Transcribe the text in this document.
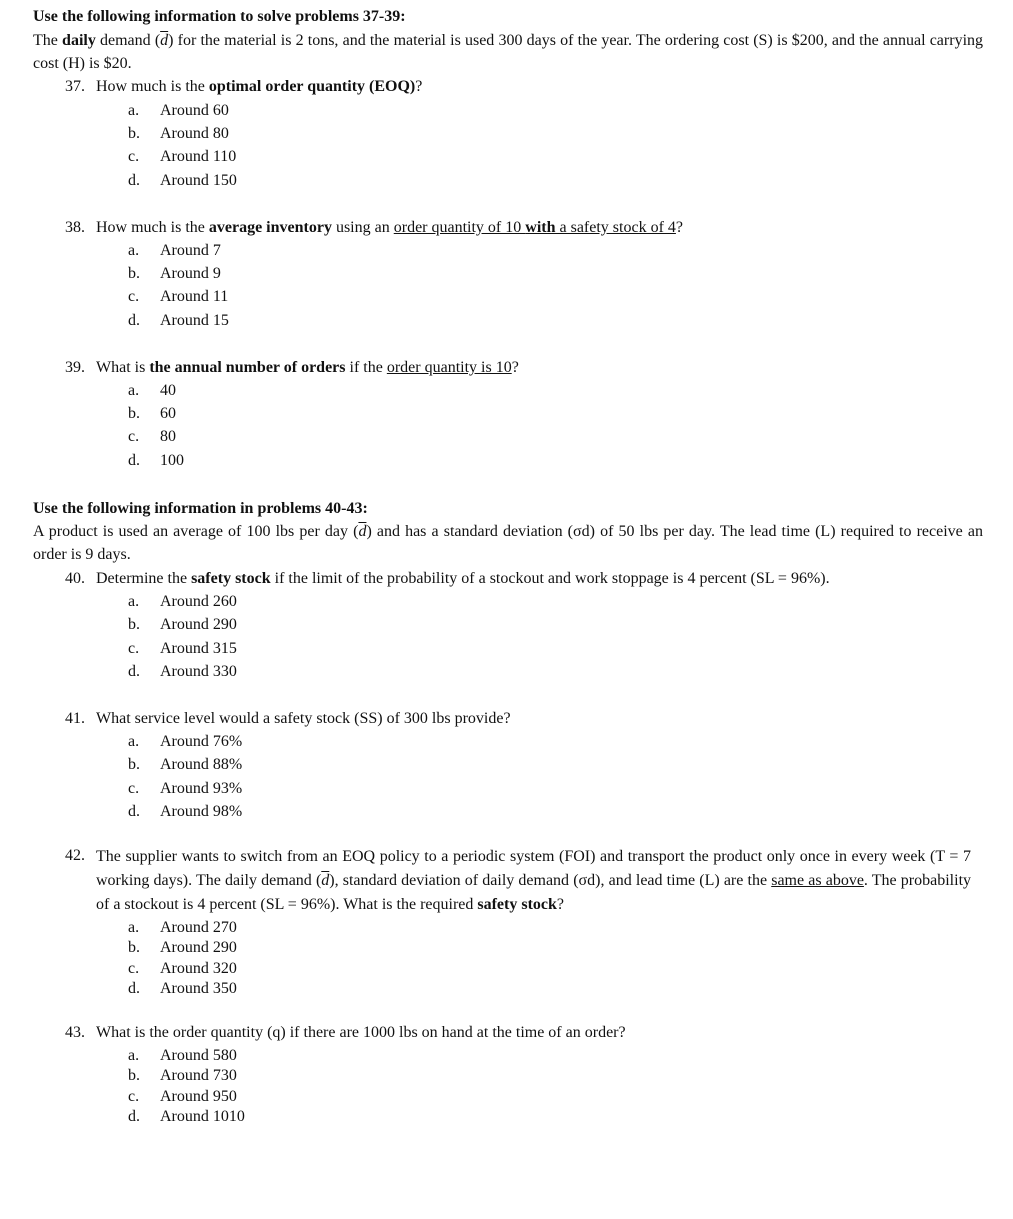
Use the following information to solve problems 37-39:
The daily demand $(\overline{d})$ for the material is 2 tons, and the material is used 300 days of the year. The ordering cost (S) is $200, and the annual carrying cost (H) is $20.
37. How much is the optimal order quantity (EOQ)?
a. Around 60
b. Around 80
c. Around 110
d. Around 150
38. How much is the average inventory using an order quantity of 10 with a safety stock of 4?
a. Around 7
b. Around 9
c. Around 11
d. Around 15
39. What is the annual number of orders if the order quantity is 10?
a. 40
b. 60
c. 80
d. 100
Use the following information in problems 40-43:
A product is used an average of 100 lbs per day $(\overline{d})$ and has a standard deviation (σd) of 50 lbs per day. The lead time (L) required to receive an order is 9 days.
40. Determine the safety stock if the limit of the probability of a stockout and work stoppage is 4 percent (SL = 96%).
a. Around 260
b. Around 290
c. Around 315
d. Around 330
41. What service level would a safety stock (SS) of 300 lbs provide?
a. Around 76%
b. Around 88%
c. Around 93%
d. Around 98%
42. The supplier wants to switch from an EOQ policy to a periodic system (FOI) and transport the product only once in every week (T = 7 working days). The daily demand $(\overline{d})$, standard deviation of daily demand (σd), and lead time (L) are the same as above. The probability of a stockout is 4 percent (SL = 96%). What is the required safety stock?
a. Around 270
b. Around 290
c. Around 320
d. Around 350
43. What is the order quantity (q) if there are 1000 lbs on hand at the time of an order?
a. Around 580
b. Around 730
c. Around 950
d. Around 1010
